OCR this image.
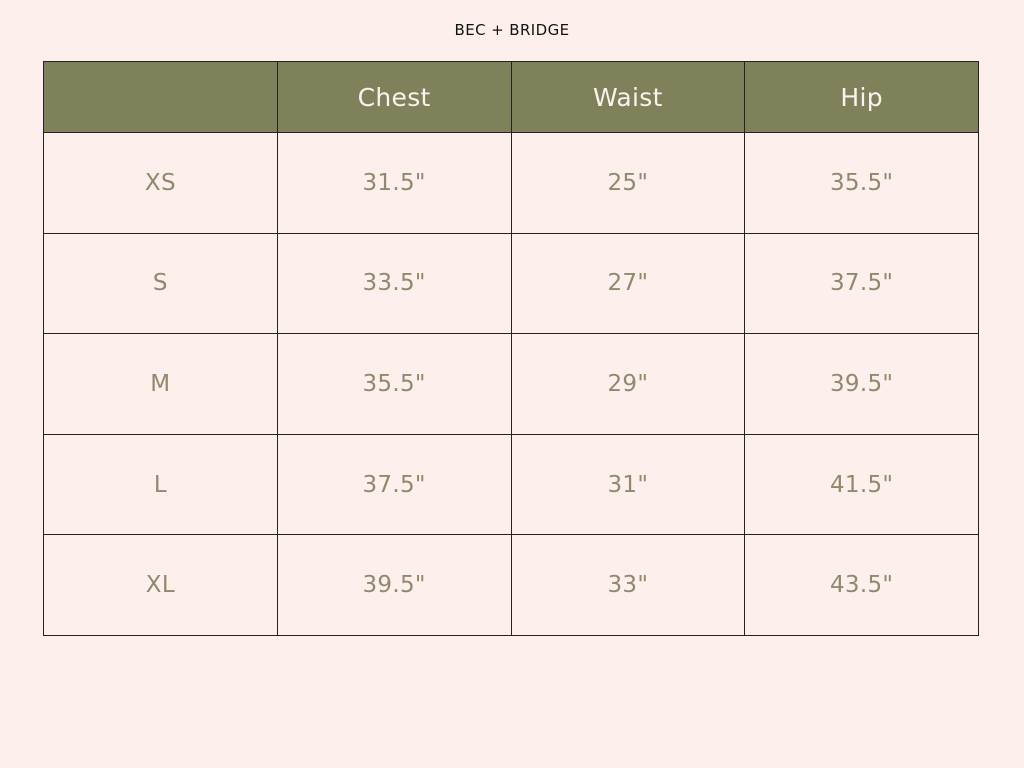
BEC + BRIDGE
	Chest	Waist	Hip
XS	31.5"	25"	35.5"
S	33.5"	27"	37.5"
M	35.5"	29"	39.5"
L	37.5"	31"	41.5"
XL	39.5"	33"	43.5"
